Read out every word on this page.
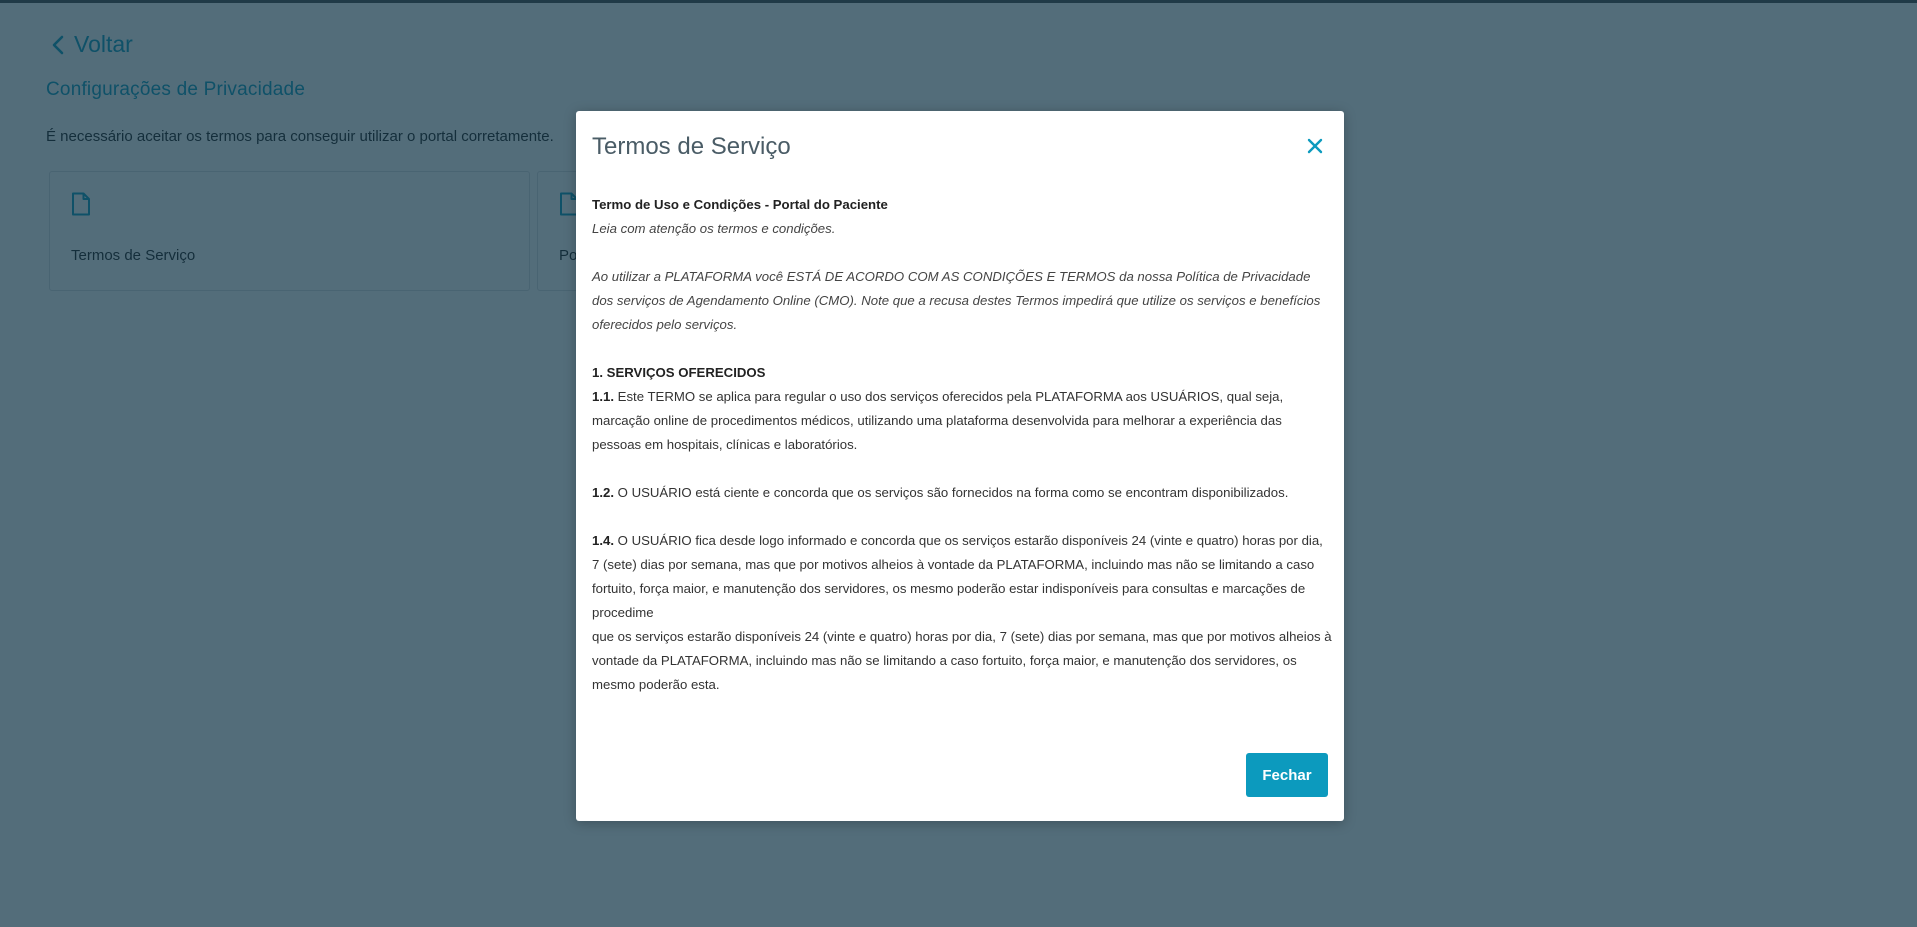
Termos de Serviço

Termo de Uso e Condições - Portal do Paciente

Leia com atenção os termos e condições.

Ao utilizar a PLATAFORMA você ESTÁ DE ACORDO COM AS CONDIÇÕES E TERMOS da nossa Política de Privacidade dos serviços de Agendamento Online (CMO). Note que a recusa destes Termos impedirá que utilize os serviços e benefícios oferecidos pelo serviços.

1. SERVIÇOS OFERECIDOS

1.1. Este TERMO se aplica para regular o uso dos serviços oferecidos pela PLATAFORMA aos USUÁRIOS, qual seja, marcação online de procedimentos médicos, utilizando uma plataforma desenvolvida para melhorar a experiência das pessoas em hospitais, clínicas e laboratórios.

1.2. O USUÁRIO está ciente e concorda que os serviços são fornecidos na forma como se encontram disponibilizados.

1.4. O USUÁRIO fica desde logo informado e concorda que os serviços estarão disponíveis 24 (vinte e quatro) horas por dia, 7 (sete) dias por semana, mas que por motivos alheios à vontade da PLATAFORMA, incluindo mas não se limitando a caso

fortuito, força maior, e manutenção dos servidores, os mesmo poderão estar indisponíveis para consultas e marcações de procedime

que os serviços estarão disponíveis 24 (vinte e quatro) horas por dia, 7 (sete) dias por semana, mas que por motivos alheios à vontade da PLATAFORMA, incluindo mas não se limitando a caso fortuito, força maior, e manutenção dos servidores, os mesmo poderão esta.

Fechar
